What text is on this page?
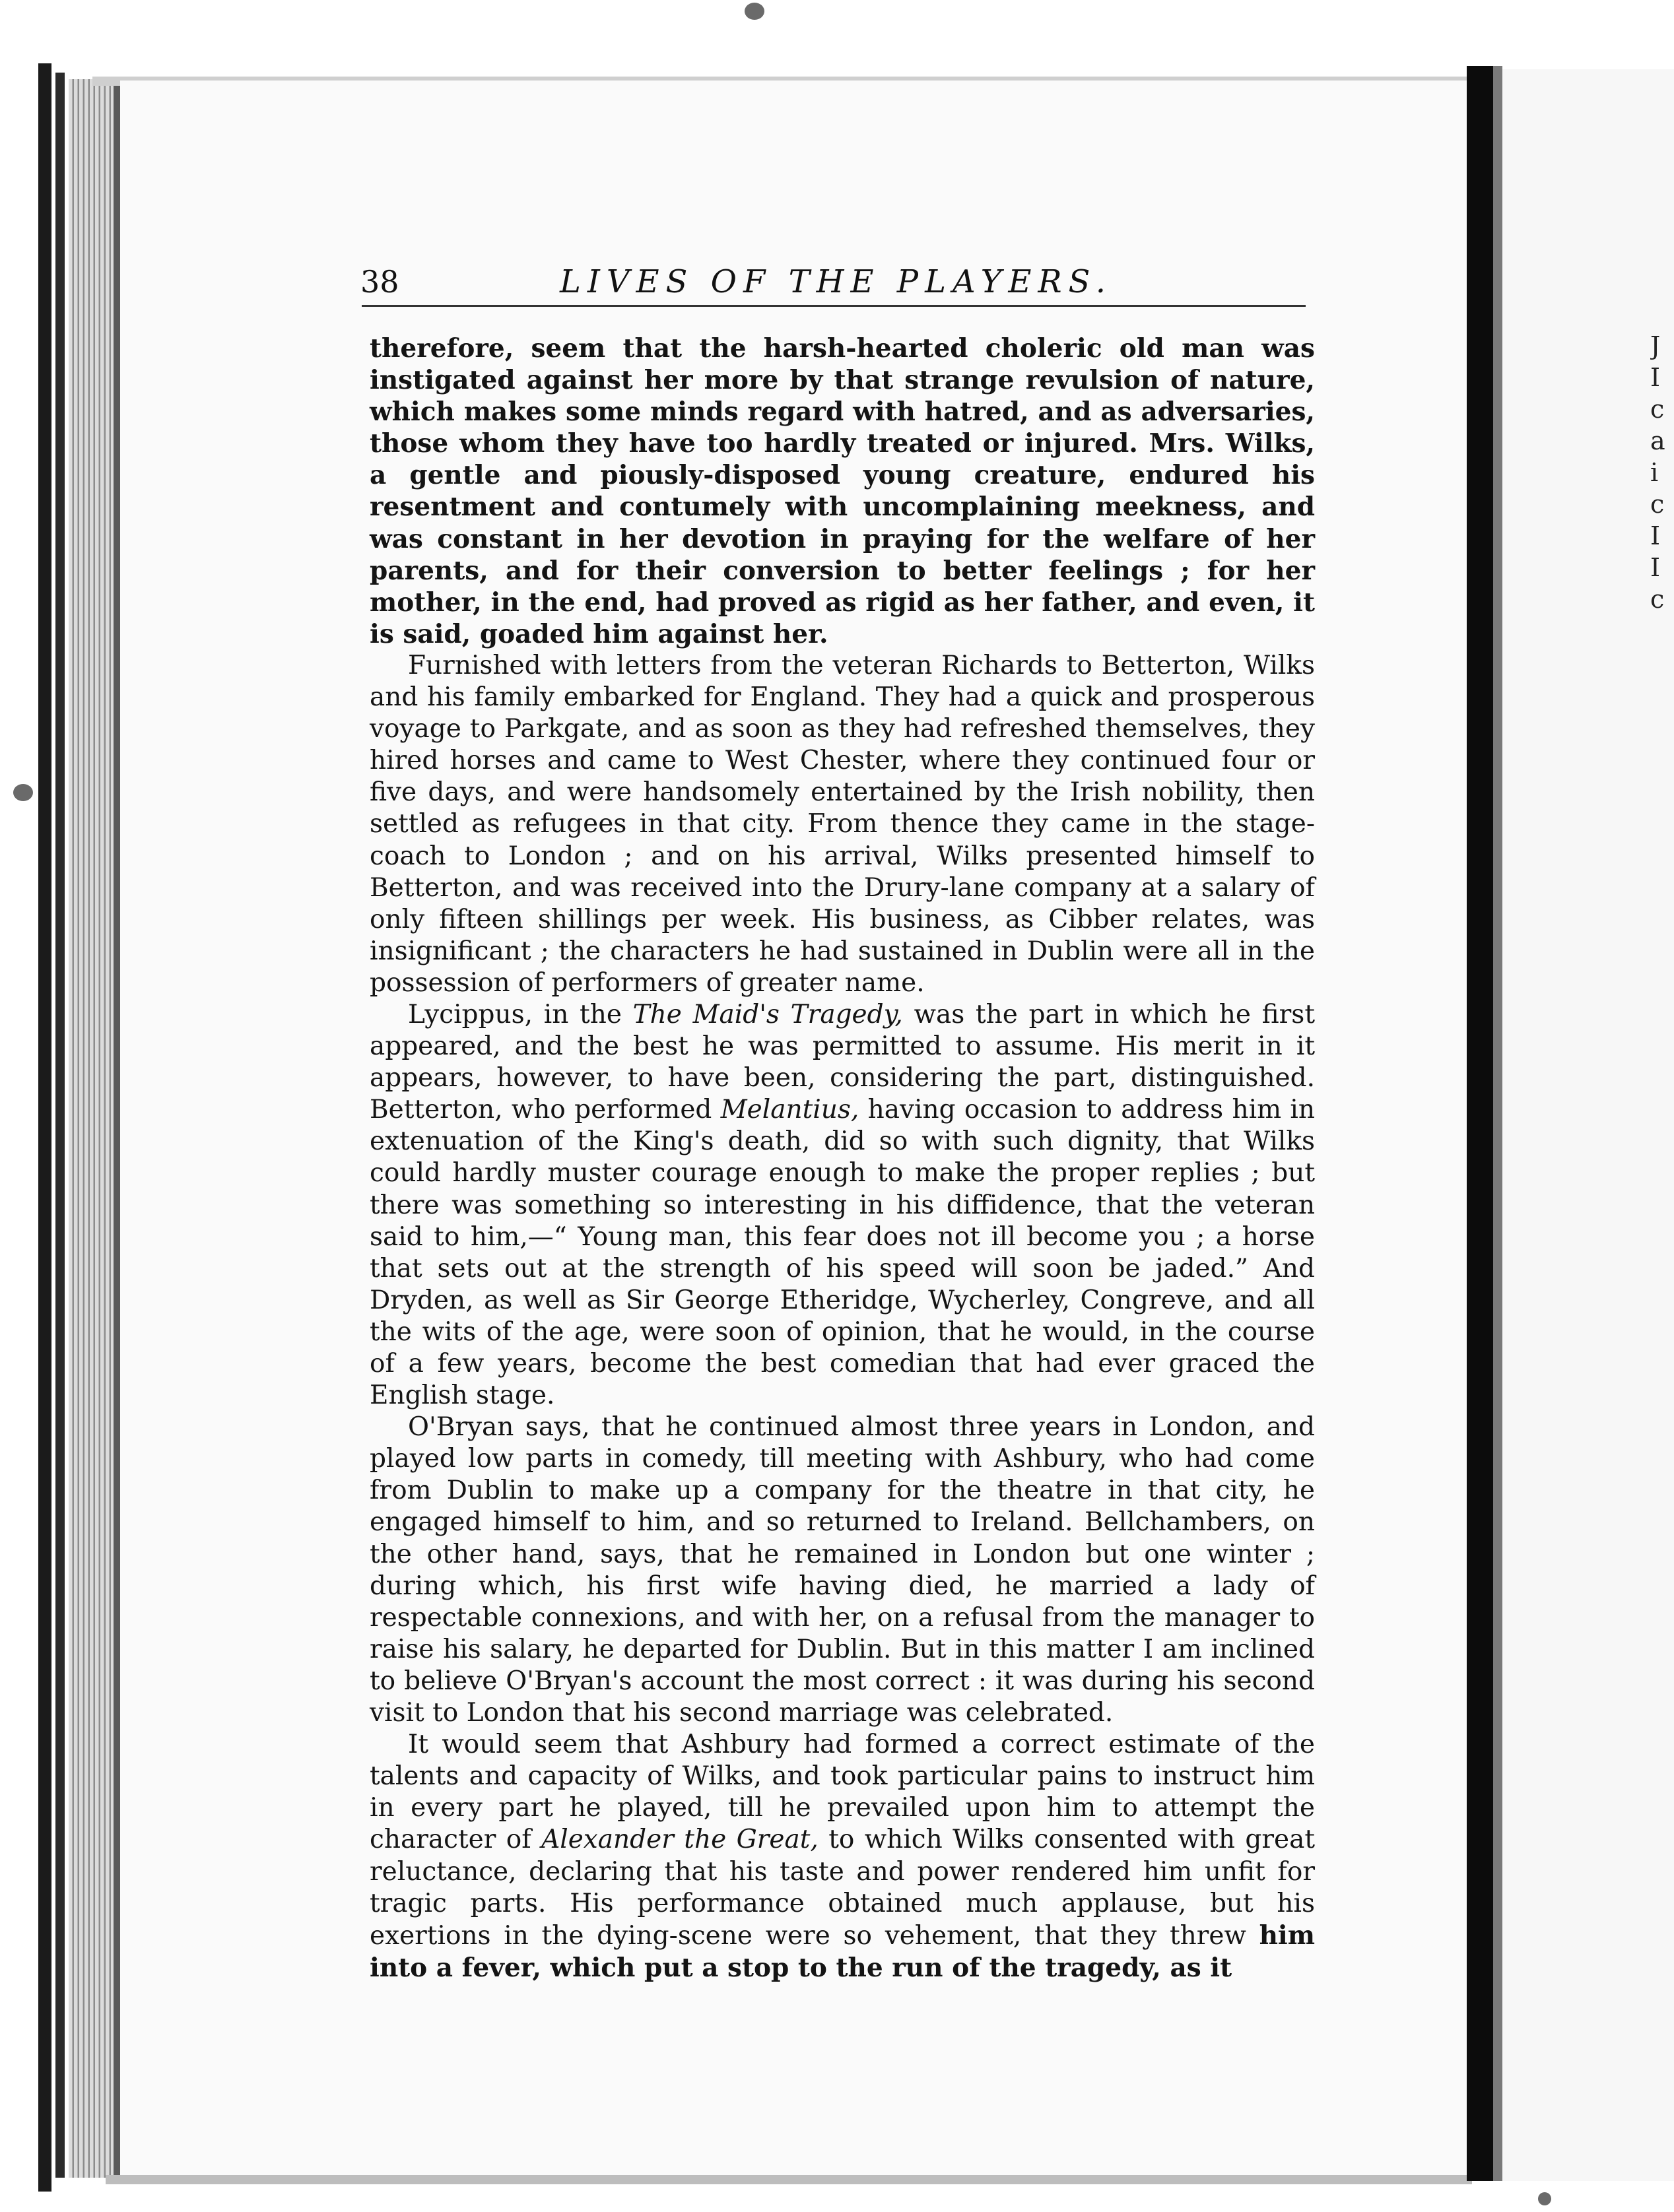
J
I
c
a
i
c
I
I
c
38	LIVES OF THE PLAYERS.

therefore, seem that the harsh-hearted choleric old man was instigated against her more by that strange revulsion of nature, which makes some minds regard with hatred, and as adversaries, those whom they have too hardly treated or injured. Mrs. Wilks, a gentle and piously-disposed young creature, endured his resentment and contumely with uncomplaining meekness, and was constant in her devotion in praying for the welfare of her parents, and for their conversion to better feelings ; for her mother, in the end, had proved as rigid as her father, and even, it is said, goaded him against her.

Furnished with letters from the veteran Richards to Betterton, Wilks and his family embarked for England. They had a quick and prosperous voyage to Parkgate, and as soon as they had refreshed themselves, they hired horses and came to West Chester, where they continued four or five days, and were handsomely entertained by the Irish nobility, then settled as refugees in that city. From thence they came in the stage-coach to London ; and on his arrival, Wilks presented himself to Betterton, and was received into the Drury-lane company at a salary of only fifteen shillings per week. His business, as Cibber relates, was insignificant ; the characters he had sustained in Dublin were all in the possession of performers of greater name.

Lycippus, in the The Maid's Tragedy, was the part in which he first appeared, and the best he was permitted to assume. His merit in it appears, however, to have been, considering the part, distinguished. Betterton, who performed Melantius, having occasion to address him in extenuation of the King's death, did so with such dignity, that Wilks could hardly muster courage enough to make the proper replies ; but there was something so interesting in his diffidence, that the veteran said to him,—“ Young man, this fear does not ill become you ; a horse that sets out at the strength of his speed will soon be jaded.” And Dryden, as well as Sir George Etheridge, Wycherley, Congreve, and all the wits of the age, were soon of opinion, that he would, in the course of a few years, become the best comedian that had ever graced the English stage.

O'Bryan says, that he continued almost three years in London, and played low parts in comedy, till meeting with Ashbury, who had come from Dublin to make up a company for the theatre in that city, he engaged himself to him, and so returned to Ireland. Bellchambers, on the other hand, says, that he remained in London but one winter ; during which, his first wife having died, he married a lady of respectable connexions, and with her, on a refusal from the manager to raise his salary, he departed for Dublin. But in this matter I am inclined to believe O'Bryan's account the most correct : it was during his second visit to London that his second marriage was celebrated.

It would seem that Ashbury had formed a correct estimate of the talents and capacity of Wilks, and took particular pains to instruct him in every part he played, till he prevailed upon him to attempt the character of Alexander the Great, to which Wilks consented with great reluctance, declaring that his taste and power rendered him unfit for tragic parts. His performance obtained much applause, but his exertions in the dying-scene were so vehement, that they threw him into a fever, which put a stop to the run of the tragedy, as it
